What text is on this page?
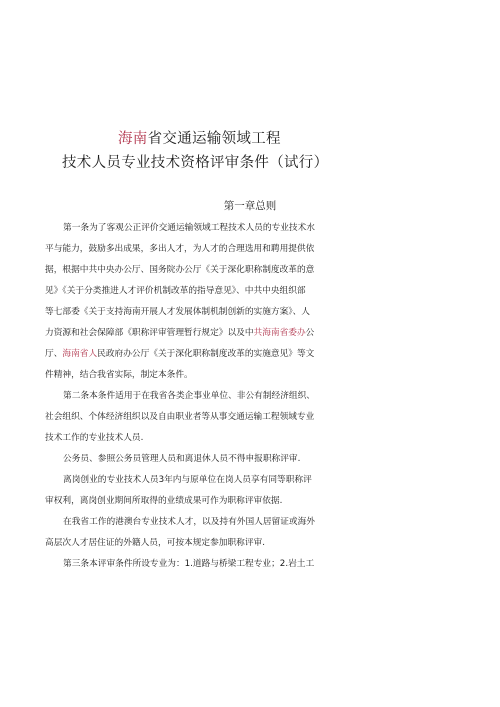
海南省交通运输领域工程
技术人员专业技术资格评审条件（试行）
第一章总则
第一条为了客观公正评价交通运输领域工程技术人员的专业技术水
平与能力，鼓励多出成果，多出人才，为人才的合理选用和聘用提供依
据，根据中共中央办公厅、国务院办公厅《关于深化职称制度改革的意
见》《关于分类推进人才评价机制改革的指导意见》、中共中央组织部
等七部委《关于支持海南开展人才发展体制机制创新的实施方案》、人
力资源和社会保障部《职称评审管理暂行规定》以及中共海南省委办公
厅、海南省人民政府办公厅《关于深化职称制度改革的实施意见》等文
件精神，结合我省实际，制定本条件。
第二条本条件适用于在我省各类企事业单位、非公有制经济组织、
社会组织、个体经济组织以及自由职业者等从事交通运输工程领域专业
技术工作的专业技术人员.
公务员、参照公务员管理人员和离退休人员不得申报职称评审.
离岗创业的专业技术人员3年内与原单位在岗人员享有同等职称评
审权利，离岗创业期间所取得的业绩成果可作为职称评审依据.
在我省工作的港澳台专业技术人才，以及持有外国人居留证或海外
高层次人才居住证的外籍人员，可按本规定参加职称评审.
第三条本评审条件所设专业为：1.道路与桥梁工程专业；2.岩土工
